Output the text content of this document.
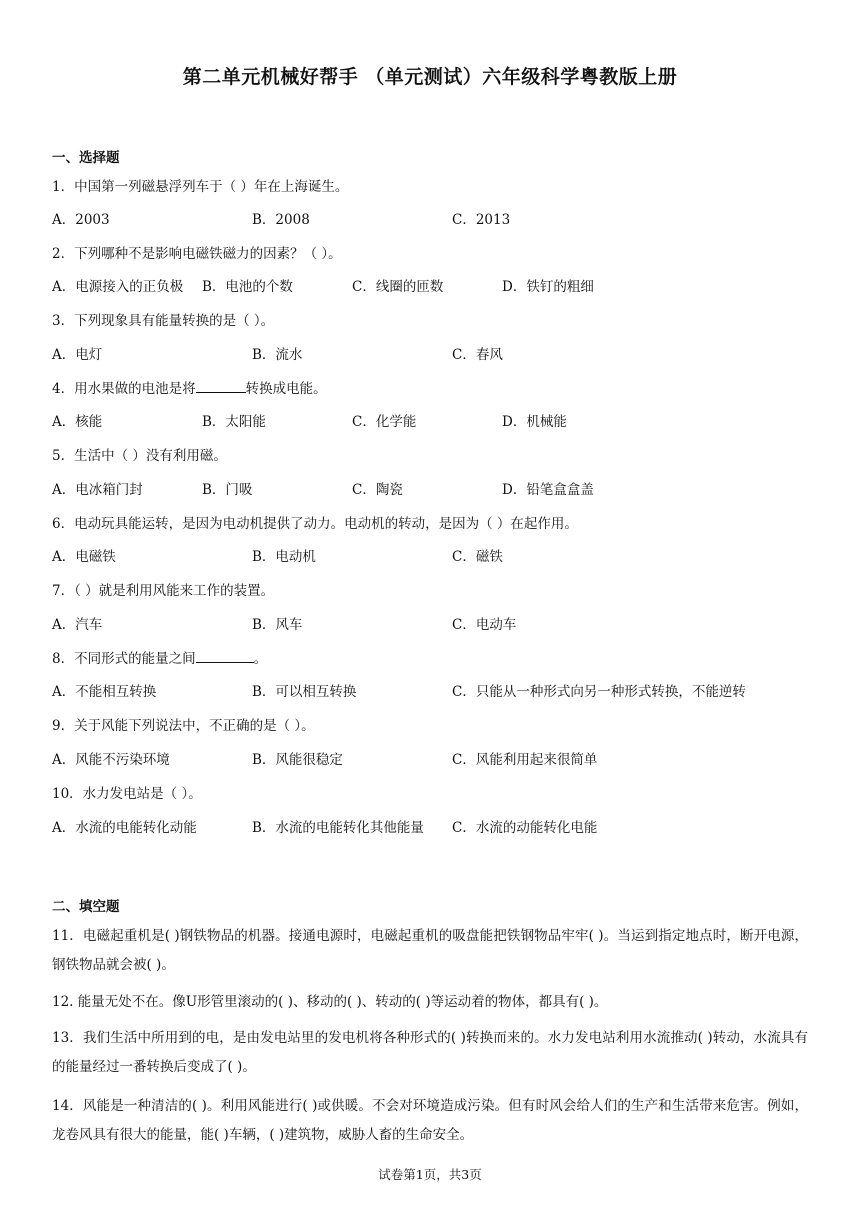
第二单元机械好帮手 （单元测试）六年级科学粤教版上册
一、选择题
1．中国第一列磁悬浮列车于（ ）年在上海诞生。
A．2003	B．2008	C．2013
2．下列哪种不是影响电磁铁磁力的因素？（ ）。
A．电源接入的正负极 B．电池的个数	C．线圈的匝数	D．铁钉的粗细
3．下列现象具有能量转换的是（ ）。
A．电灯	B．流水	C．春风
4．用水果做的电池是将	转换成电能。
A．核能	B．太阳能	C．化学能	D．机械能
5．生活中（ ）没有利用磁。
A．电冰箱门封	B．门吸	C．陶瓷	D．铅笔盒盒盖
6．电动玩具能运转，是因为电动机提供了动力。电动机的转动，是因为（ ）在起作用。
A．电磁铁	B．电动机	C．磁铁
7．（ ）就是利用风能来工作的装置。
A．汽车	B．风车	C．电动车
8．不同形式的能量之间	。
A．不能相互转换	B．可以相互转换	C．只能从一种形式向另一种形式转换，不能逆转
9．关于风能下列说法中，不正确的是（ ）。
A．风能不污染环境	B．风能很稳定	C．风能利用起来很简单
10．水力发电站是（ ）。
A．水流的电能转化动能	B．水流的电能转化其他能量 C．水流的动能转化电能
二、填空题
11．电磁起重机是( )钢铁物品的机器。接通电源时，电磁起重机的吸盘能把铁钢物品牢牢( )。当运到指定地点时，断开电源，钢铁物品就会被( )。
12. 能量无处不在。像U形管里滚动的( )、移动的( )、转动的( )等运动着的物体，都具有( )。
13．我们生活中所用到的电，是由发电站里的发电机将各种形式的( )转换而来的。水力发电站利用水流推动( )转动，水流具有的能量经过一番转换后变成了( )。
14．风能是一种清洁的( )。利用风能进行( )或供暖。不会对环境造成污染。但有时风会给人们的生产和生活带来危害。例如，龙卷风具有很大的能量，能( )车辆，( )建筑物，威胁人畜的生命安全。
试卷第1页，共3页
